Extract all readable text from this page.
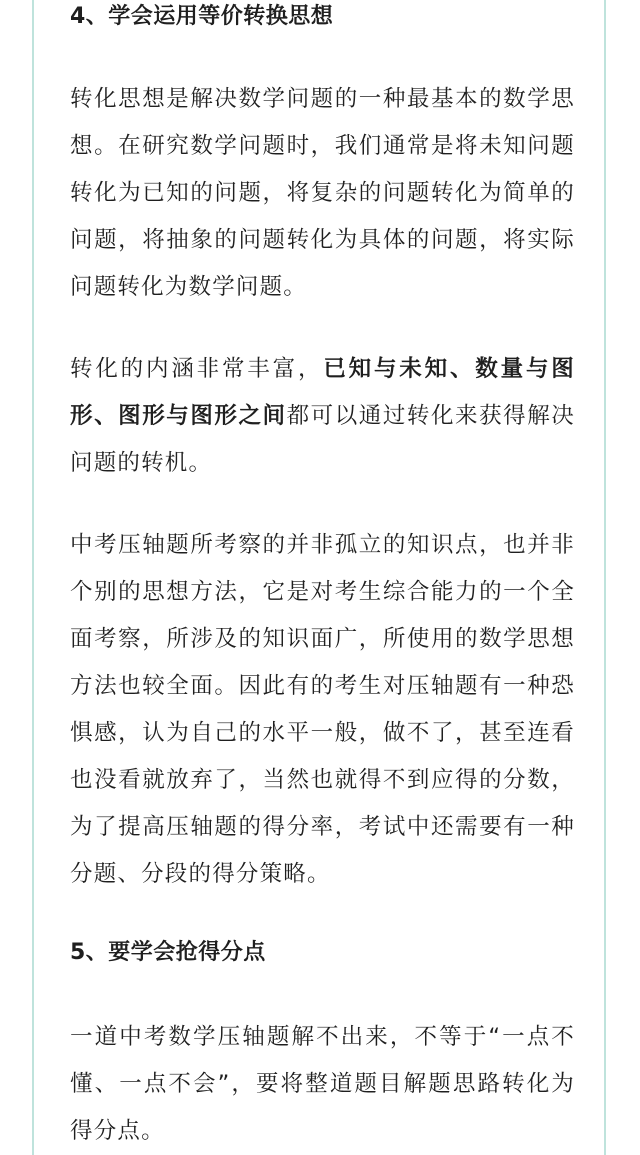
4、学会运用等价转换思想

转化思想是解决数学问题的一种最基本的数学思想。在研究数学问题时，我们通常是将未知问题转化为已知的问题，将复杂的问题转化为简单的问题，将抽象的问题转化为具体的问题，将实际问题转化为数学问题。

转化的内涵非常丰富，已知与未知、数量与图形、图形与图形之间都可以通过转化来获得解决问题的转机。

中考压轴题所考察的并非孤立的知识点，也并非个别的思想方法，它是对考生综合能力的一个全面考察，所涉及的知识面广，所使用的数学思想方法也较全面。因此有的考生对压轴题有一种恐惧感，认为自己的水平一般，做不了，甚至连看也没看就放弃了，当然也就得不到应得的分数，为了提高压轴题的得分率，考试中还需要有一种分题、分段的得分策略。

5、要学会抢得分点

一道中考数学压轴题解不出来，不等于“一点不懂、一点不会”，要将整道题目解题思路转化为得分点。
